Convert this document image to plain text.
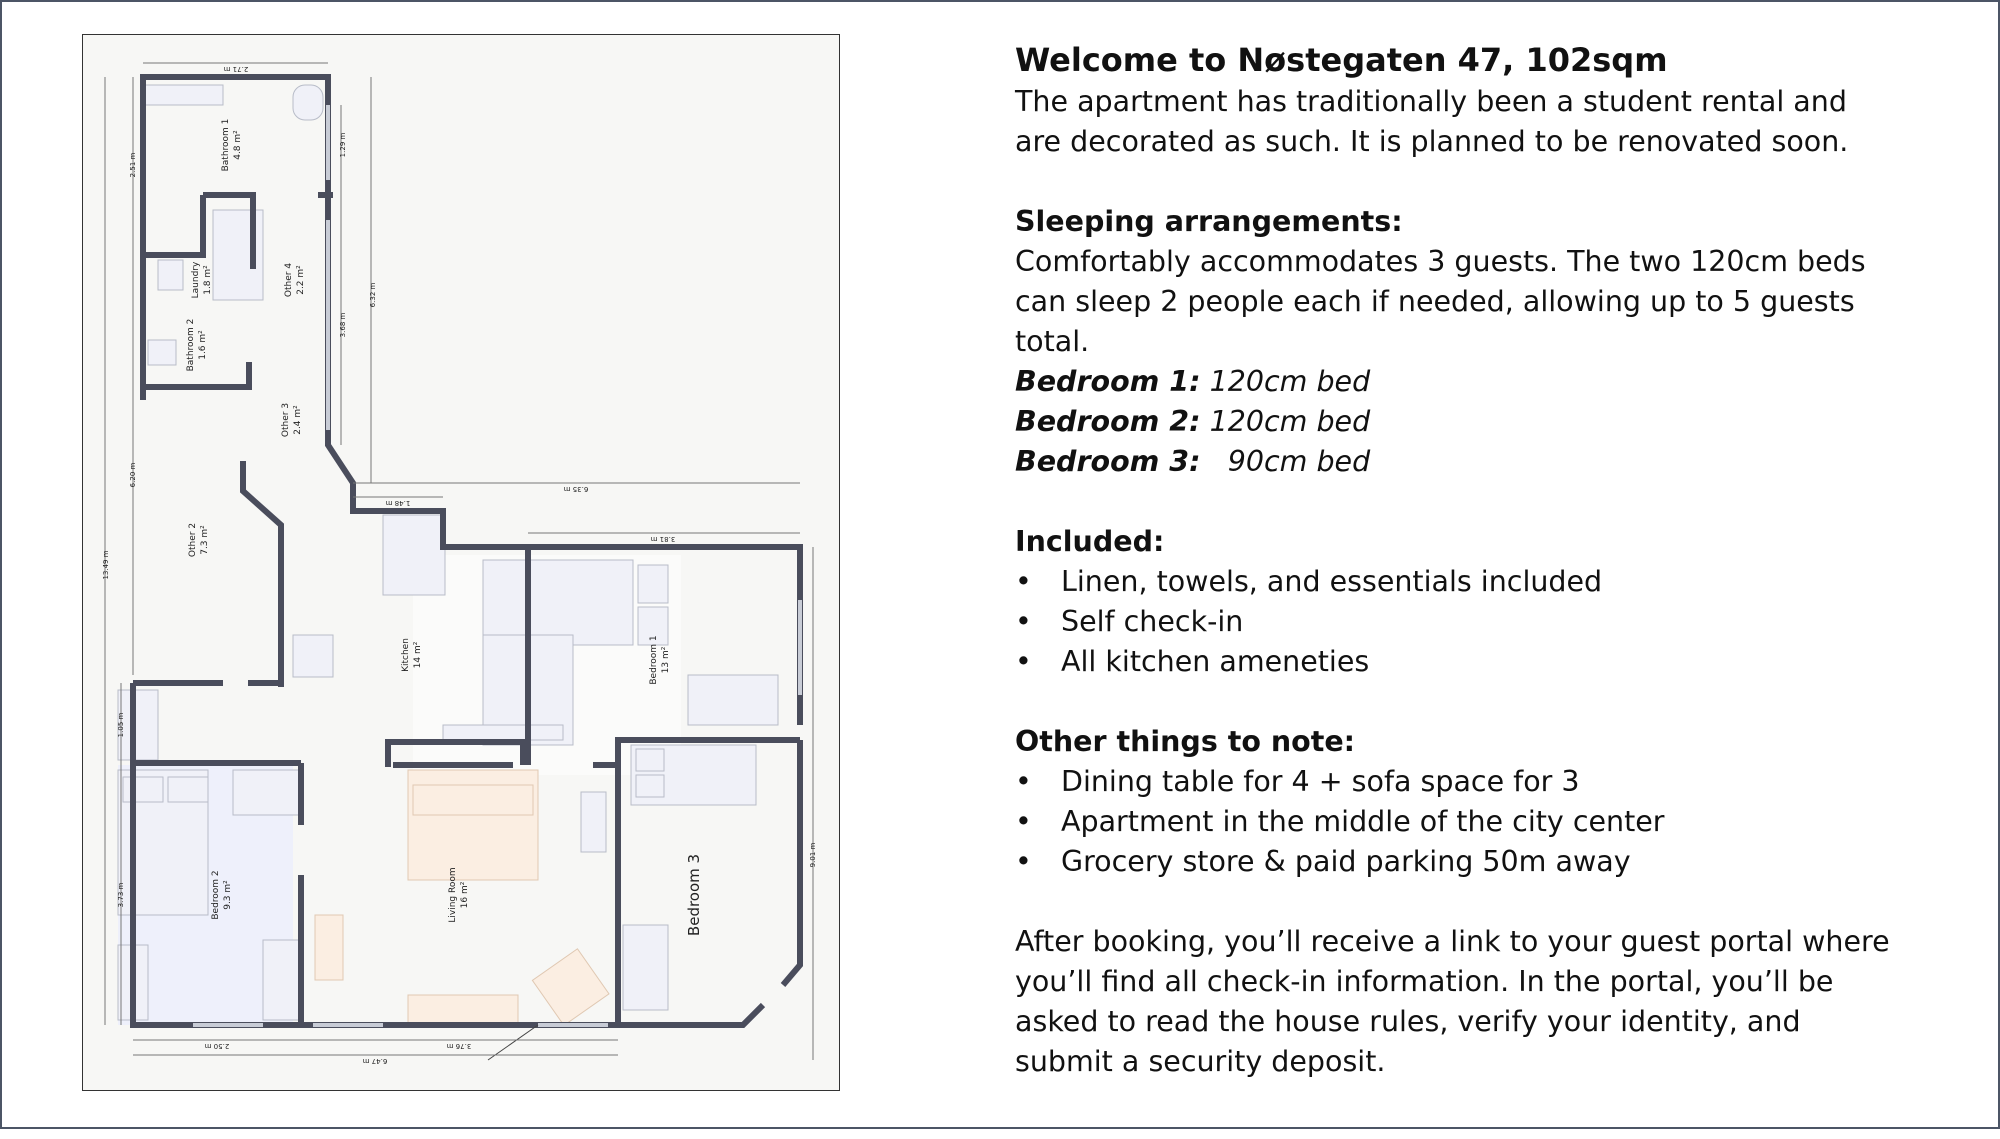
Bathroom 1 4.8 m²
Laundry 1.8 m²
Bathroom 2 1.6 m²
Other 4 2.2 m²
Other 3 2.4 m²
Other 2 7.3 m²
Kitchen 14 m²	Bedroom 1 13 m²
Bedroom 2 9.3 m²	Living Room 16 m²	Bedroom 3
2.71 m
2.51 m
1.29 m
3.68 m
6.32 m
6.20 m
13.49 m
6.35 m
1.48 m
3.81 m
1.05 m
3.73 m
9.01 m
2.50 m	3.76 m
6.47 m

Welcome to Nøstegaten 47, 102sqm

The apartment has traditionally been a student rental and

are decorated as such. It is planned to be renovated soon.

Sleeping arrangements:

Comfortably accommodates 3 guests. The two 120cm beds

can sleep 2 people each if needed, allowing up to 5 guests

total.

Bedroom 1: 120cm bed

Bedroom 2: 120cm bed

Bedroom 3:   90cm bed

Included:

• Linen, towels, and essentials included
• Self check-in
• All kitchen ameneties

Other things to note:

• Dining table for 4 + sofa space for 3
• Apartment in the middle of the city center
• Grocery store & paid parking 50m away

After booking, you’ll receive a link to your guest portal where

you’ll find all check-in information. In the portal, you’ll be

asked to read the house rules, verify your identity, and

submit a security deposit.
